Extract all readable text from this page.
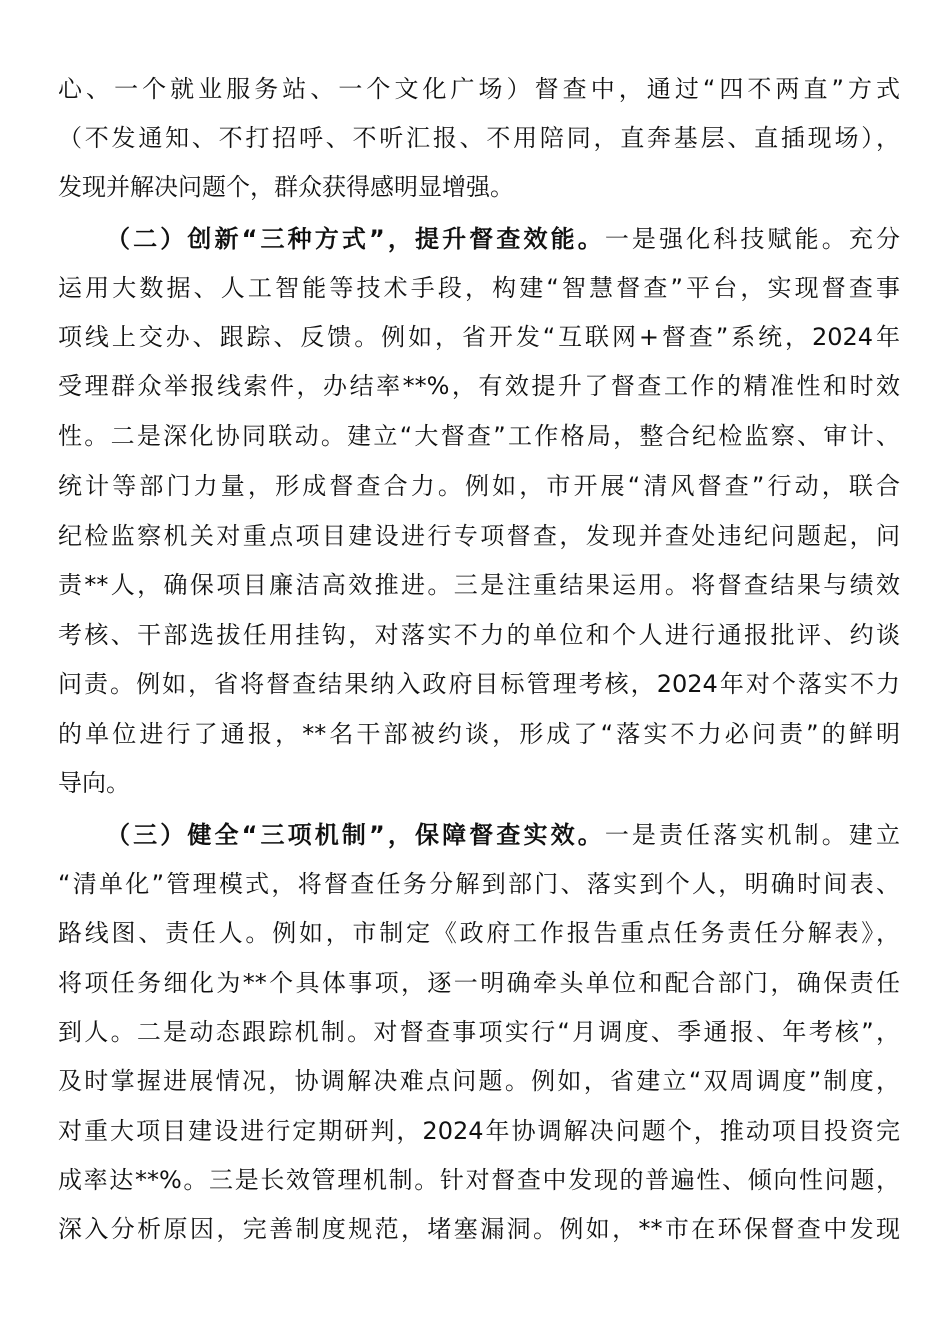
心、一个就业服务站、一个文化广场）督查中，通过“四不两直”方式

（不发通知、不打招呼、不听汇报、不用陪同，直奔基层、直插现场），

发现并解决问题个，群众获得感明显增强。

（二）创新“三种方式”，提升督查效能。一是强化科技赋能。充分

运用大数据、人工智能等技术手段，构建“智慧督查”平台，实现督查事

项线上交办、跟踪、反馈。例如，省开发“互联网+督查”系统，2024年

受理群众举报线索件，办结率**%，有效提升了督查工作的精准性和时效

性。二是深化协同联动。建立“大督查”工作格局，整合纪检监察、审计、

统计等部门力量，形成督查合力。例如，市开展“清风督查”行动，联合

纪检监察机关对重点项目建设进行专项督查，发现并查处违纪问题起，问

责**人，确保项目廉洁高效推进。三是注重结果运用。将督查结果与绩效

考核、干部选拔任用挂钩，对落实不力的单位和个人进行通报批评、约谈

问责。例如，省将督查结果纳入政府目标管理考核，2024年对个落实不力

的单位进行了通报，**名干部被约谈，形成了“落实不力必问责”的鲜明

导向。

（三）健全“三项机制”，保障督查实效。一是责任落实机制。建立

“清单化”管理模式，将督查任务分解到部门、落实到个人，明确时间表、

路线图、责任人。例如，市制定《政府工作报告重点任务责任分解表》，

将项任务细化为**个具体事项，逐一明确牵头单位和配合部门，确保责任

到人。二是动态跟踪机制。对督查事项实行“月调度、季通报、年考核”，

及时掌握进展情况，协调解决难点问题。例如，省建立“双周调度”制度，

对重大项目建设进行定期研判，2024年协调解决问题个，推动项目投资完

成率达**%。三是长效管理机制。针对督查中发现的普遍性、倾向性问题，

深入分析原因，完善制度规范，堵塞漏洞。例如，**市在环保督查中发现
